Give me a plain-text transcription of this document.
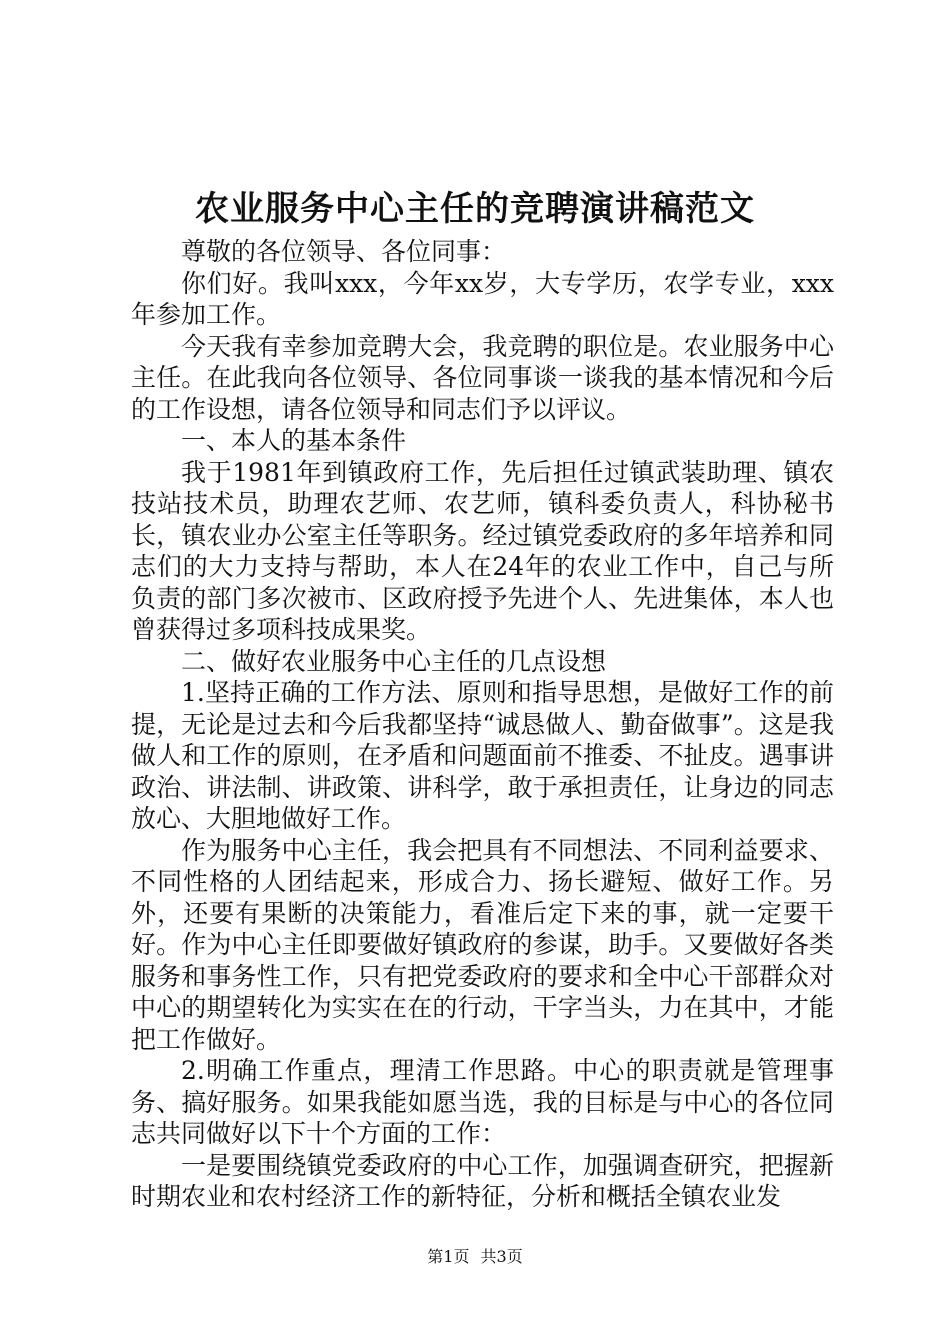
农业服务中心主任的竞聘演讲稿范文

尊敬的各位领导、各位同事：

你们好。我叫xxx，今年xx岁，大专学历，农学专业，xxx年参加工作。

今天我有幸参加竞聘大会，我竞聘的职位是。农业服务中心主任。在此我向各位领导、各位同事谈一谈我的基本情况和今后的工作设想，请各位领导和同志们予以评议。

一、本人的基本条件

我于1981年到镇政府工作，先后担任过镇武装助理、镇农技站技术员，助理农艺师、农艺师，镇科委负责人，科协秘书长，镇农业办公室主任等职务。经过镇党委政府的多年培养和同志们的大力支持与帮助，本人在24年的农业工作中，自己与所负责的部门多次被市、区政府授予先进个人、先进集体，本人也曾获得过多项科技成果奖。

二、做好农业服务中心主任的几点设想

1.坚持正确的工作方法、原则和指导思想，是做好工作的前提，无论是过去和今后我都坚持“诚恳做人、勤奋做事”。这是我做人和工作的原则，在矛盾和问题面前不推委、不扯皮。遇事讲政治、讲法制、讲政策、讲科学，敢于承担责任，让身边的同志放心、大胆地做好工作。

作为服务中心主任，我会把具有不同想法、不同利益要求、不同性格的人团结起来，形成合力、扬长避短、做好工作。另外，还要有果断的决策能力，看准后定下来的事，就一定要干好。作为中心主任即要做好镇政府的参谋，助手。又要做好各类服务和事务性工作，只有把党委政府的要求和全中心干部群众对中心的期望转化为实实在在的行动，干字当头，力在其中，才能把工作做好。

2.明确工作重点，理清工作思路。中心的职责就是管理事务、搞好服务。如果我能如愿当选，我的目标是与中心的各位同志共同做好以下十个方面的工作：

一是要围绕镇党委政府的中心工作，加强调查研究，把握新时期农业和农村经济工作的新特征，分析和概括全镇农业发

第1页 共3页
